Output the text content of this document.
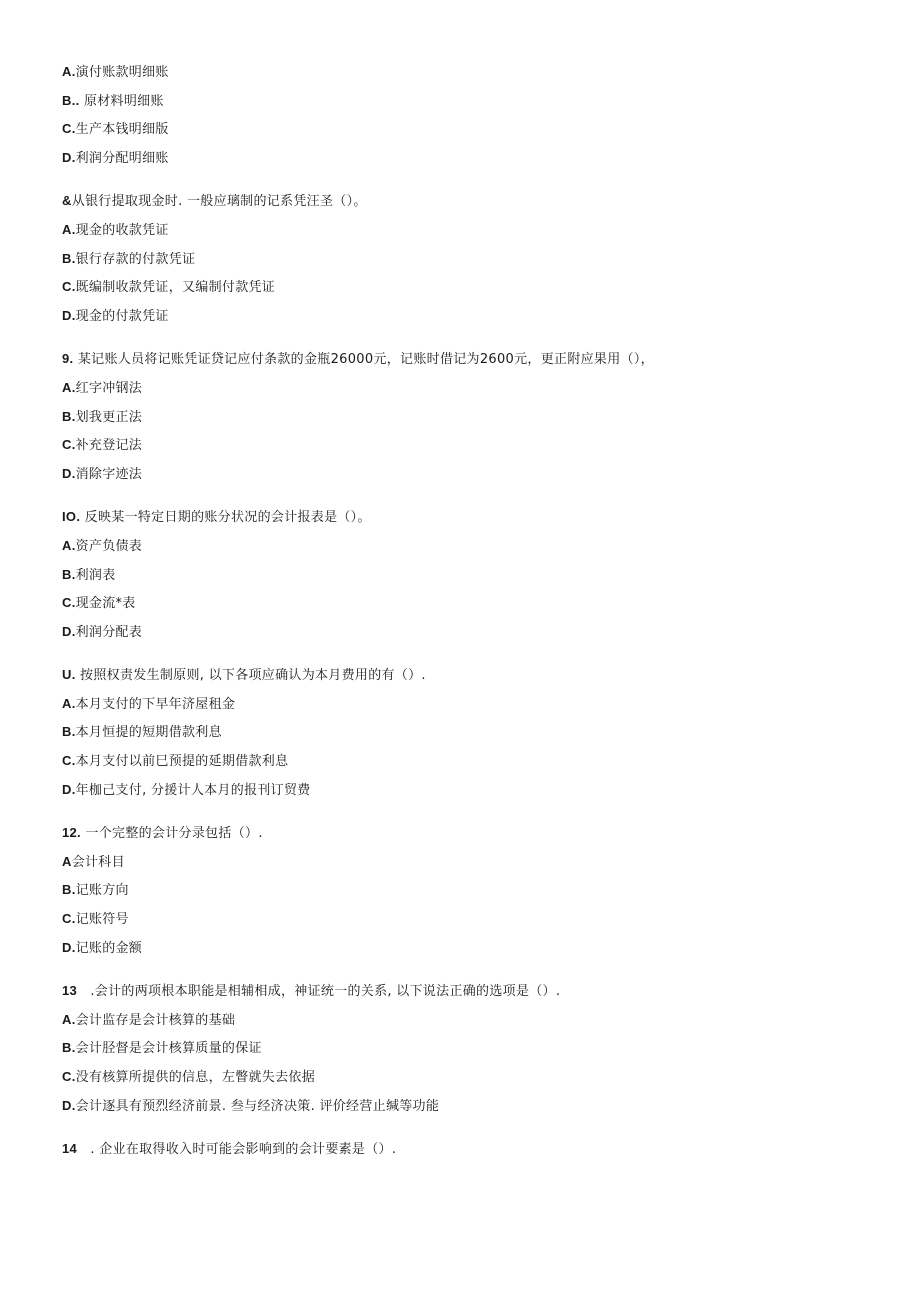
A.演付账款明细账
B.. 原材料明细账
C.生产本钱明细版
D.利润分配明细账
&从银行提取现金时. 一般应璃制的记系凭汪圣（）。
A.现金的收款凭证
B.银行存款的付款凭证
C.既编制收款凭证，又编制付款凭证
D.现金的付款凭证
9. 某记账人员将记账凭证贷记应付条款的金瓶26000元，记账时借记为2600元，更正附应果用（），
A.红字冲钢法
B.划我更正法
C.补充登记法
D.消除字迹法
IO. 反映某一特定日期的账分状况的会计报表是（）。
A.资产负债表
B.利润表
C.现金流*表
D.利润分配表
U. 按照权责发生制原则, 以下各项应确认为本月费用的有（）.
A.本月支付的下早年济屋租金
B.本月恒提的短期借款利息
C.本月支付以前巳预提的延期借款利息
D.年枷己支付, 分援计人本月的报刊订贸费
12. 一个完整的会计分录包括（）.
A会计科目
B.记账方向
C.记账符号
D.记账的金额
13   .会计的两项根本职能是相辅相成，神证统一的关系, 以下说法正确的选项是（）.
A.会计监存是会计核算的基础
B.会计胫督是会计核算质量的保证
C.没有核算所提供的信息，左瞥就失去依据
D.会计逐具有预烈经济前景. 叁与经济决策. 评价经营止缄等功能
14   . 企业在取得收入时可能会影响到的会计要素是（）.
